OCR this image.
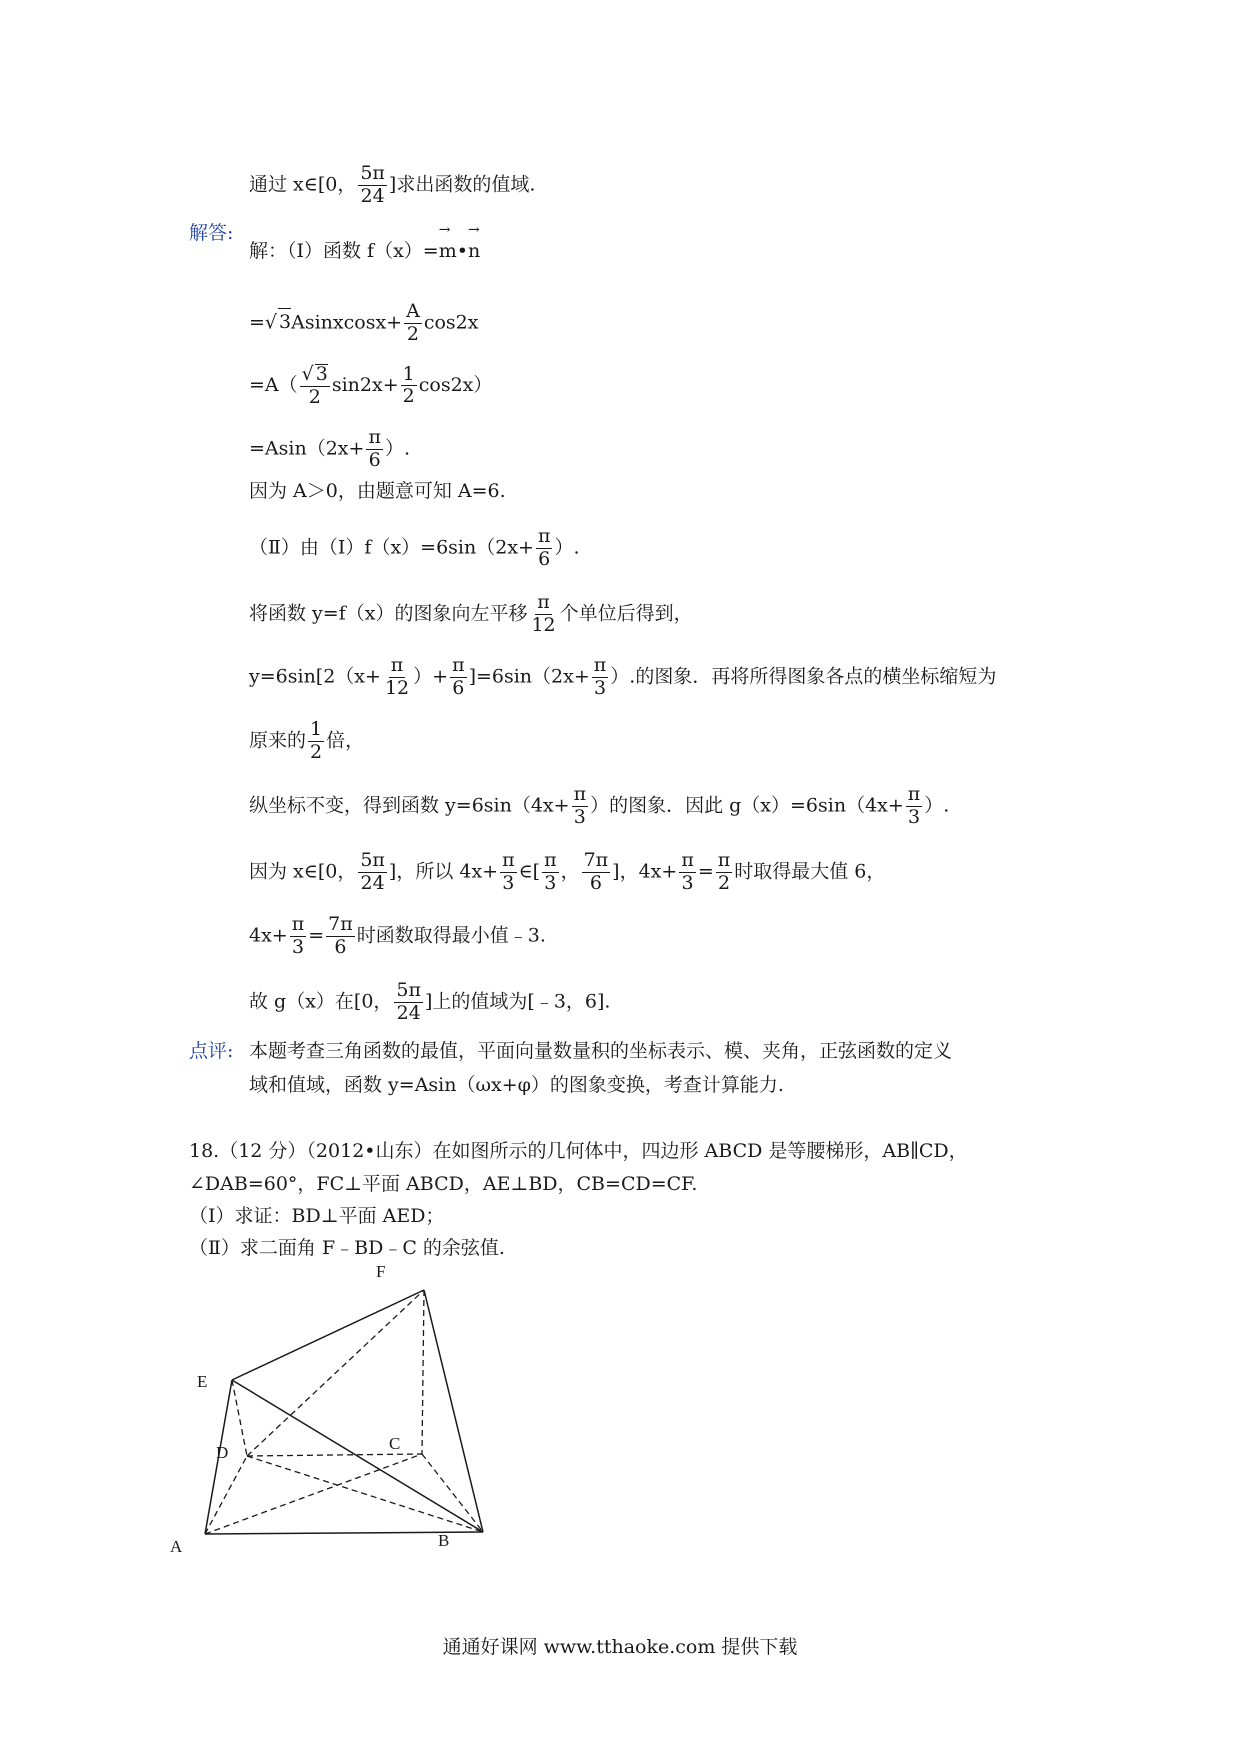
通过 x∈[0， $\frac{5\pi}{24}$ ]求出函数的值域.
解答:
解：（Ⅰ）函数 f（x）=→ m•→ n
=√ 3Asinxcosx+ $\frac{A}{2} \cos 2x$
$=A( \frac{√ 3}{2} \sin 2x+ \frac{1}{2} \cos 2x)$
$=Asin(2x+ \frac{\pi}{6}$ ）.
因为 A＞0，由题意可知 A=6.
（Ⅱ）由（Ⅰ）f（x）=6sin（2x+ $\frac{\pi}{6}$ ）.
将函数 y=f（x）的图象向左平移 $\frac{\pi}{12}$ 个单位后得到，
$y=6\sin[2(x+ \frac{\pi}{12}$ ）+ $\frac{\pi}{6} ]=6\sin(2x+ \frac{\pi}{3}$ ）.的图象．再将所得图象各点的横坐标缩短为
原来的 $\frac{1}{2}$ 倍，
纵坐标不变，得到函数 $y=6\sin(4x+ \frac{\pi}{3}$ ）的图象．因此 $g(x)=6\sin(4x+ \frac{\pi}{3}$ ）.
因为 x∈[0， $\frac{5\pi}{24}$ ]，所以 $4x+ \frac{\pi}{3}$ ∈[ $\frac{\pi}{3}$ ， $\frac{7\pi}{6}$ ]，$4x+ \frac{\pi}{3} = \frac{\pi}{2}$ 时取得最大值 6，
$4x+ \frac{\pi}{3} = \frac{7\pi}{6}$ 时函数取得最小值﹣3.
故 g（x）在[0， $\frac{5\pi}{24}$ ]上的值域为[﹣3，6].
点评: 本题考查三角函数的最值，平面向量数量积的坐标表示、模、夹角，正弦函数的定义
域和值域，函数 y=Asin（ωx+φ）的图象变换，考查计算能力.
18.（12 分）（2012•山东）在如图所示的几何体中，四边形 ABCD 是等腰梯形，AB∥CD，
∠DAB=60°，FC⊥平面 ABCD，AE⊥BD，CB=CD=CF.
（Ⅰ）求证：BD⊥平面 AED；
（Ⅱ）求二面角 F﹣BD﹣C 的余弦值.
F
E
D	C
A	B
通通好课网 www.tthaoke.com 提供下载
